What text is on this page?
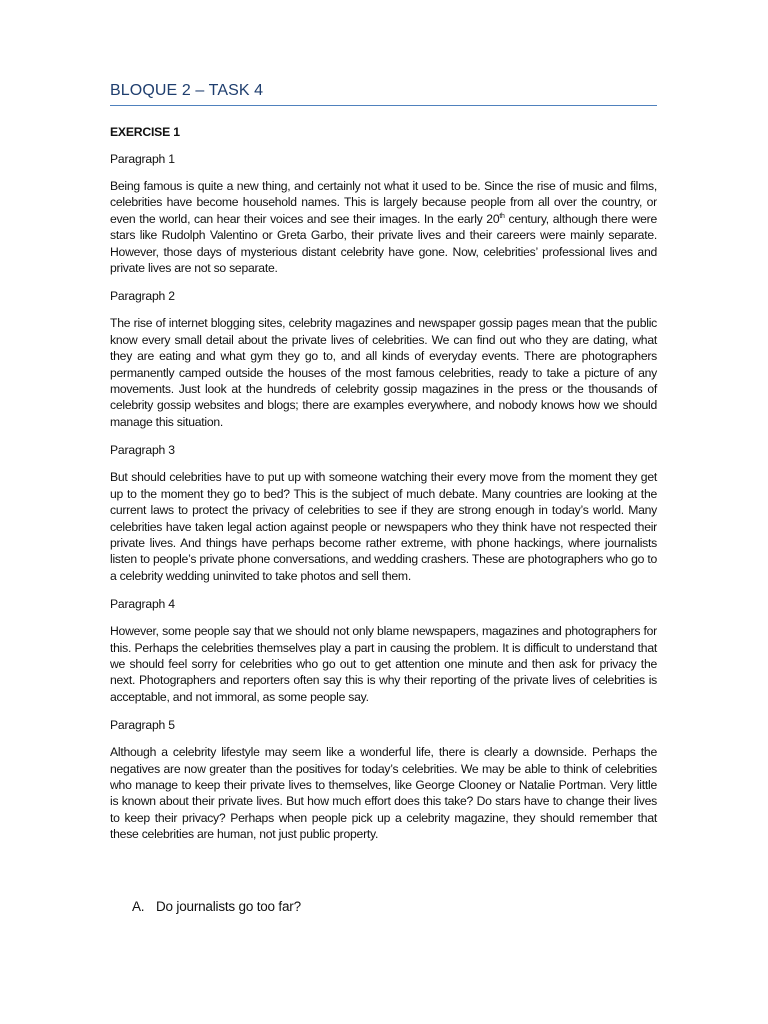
BLOQUE 2 – TASK 4
EXERCISE 1
Paragraph 1
Being famous is quite a new thing, and certainly not what it used to be. Since the rise of music and films, celebrities have become household names. This is largely because people from all over the country, or even the world, can hear their voices and see their images. In the early 20th century, although there were stars like Rudolph Valentino or Greta Garbo, their private lives and their careers were mainly separate. However, those days of mysterious distant celebrity have gone. Now, celebrities’ professional lives and private lives are not so separate.
Paragraph 2
The rise of internet blogging sites, celebrity magazines and newspaper gossip pages mean that the public know every small detail about the private lives of celebrities. We can find out who they are dating, what they are eating and what gym they go to, and all kinds of everyday events. There are photographers permanently camped outside the houses of the most famous celebrities, ready to take a picture of any movements. Just look at the hundreds of celebrity gossip magazines in the press or the thousands of celebrity gossip websites and blogs; there are examples everywhere, and nobody knows how we should manage this situation.
Paragraph 3
But should celebrities have to put up with someone watching their every move from the moment they get up to the moment they go to bed? This is the subject of much debate. Many countries are looking at the current laws to protect the privacy of celebrities to see if they are strong enough in today’s world. Many celebrities have taken legal action against people or newspapers who they think have not respected their private lives. And things have perhaps become rather extreme, with phone hackings, where journalists listen to people’s private phone conversations, and wedding crashers. These are photographers who go to a celebrity wedding uninvited to take photos and sell them.
Paragraph 4
However, some people say that we should not only blame newspapers, magazines and photographers for this. Perhaps the celebrities themselves play a part in causing the problem. It is difficult to understand that we should feel sorry for celebrities who go out to get attention one minute and then ask for privacy the next. Photographers and reporters often say this is why their reporting of the private lives of celebrities is acceptable, and not immoral, as some people say.
Paragraph 5
Although a celebrity lifestyle may seem like a wonderful life, there is clearly a downside. Perhaps the negatives are now greater than the positives for today’s celebrities. We may be able to think of celebrities who manage to keep their private lives to themselves, like George Clooney or Natalie Portman. Very little is known about their private lives. But how much effort does this take? Do stars have to change their lives to keep their privacy? Perhaps when people pick up a celebrity magazine, they should remember that these celebrities are human, not just public property.
A. Do journalists go too far?
